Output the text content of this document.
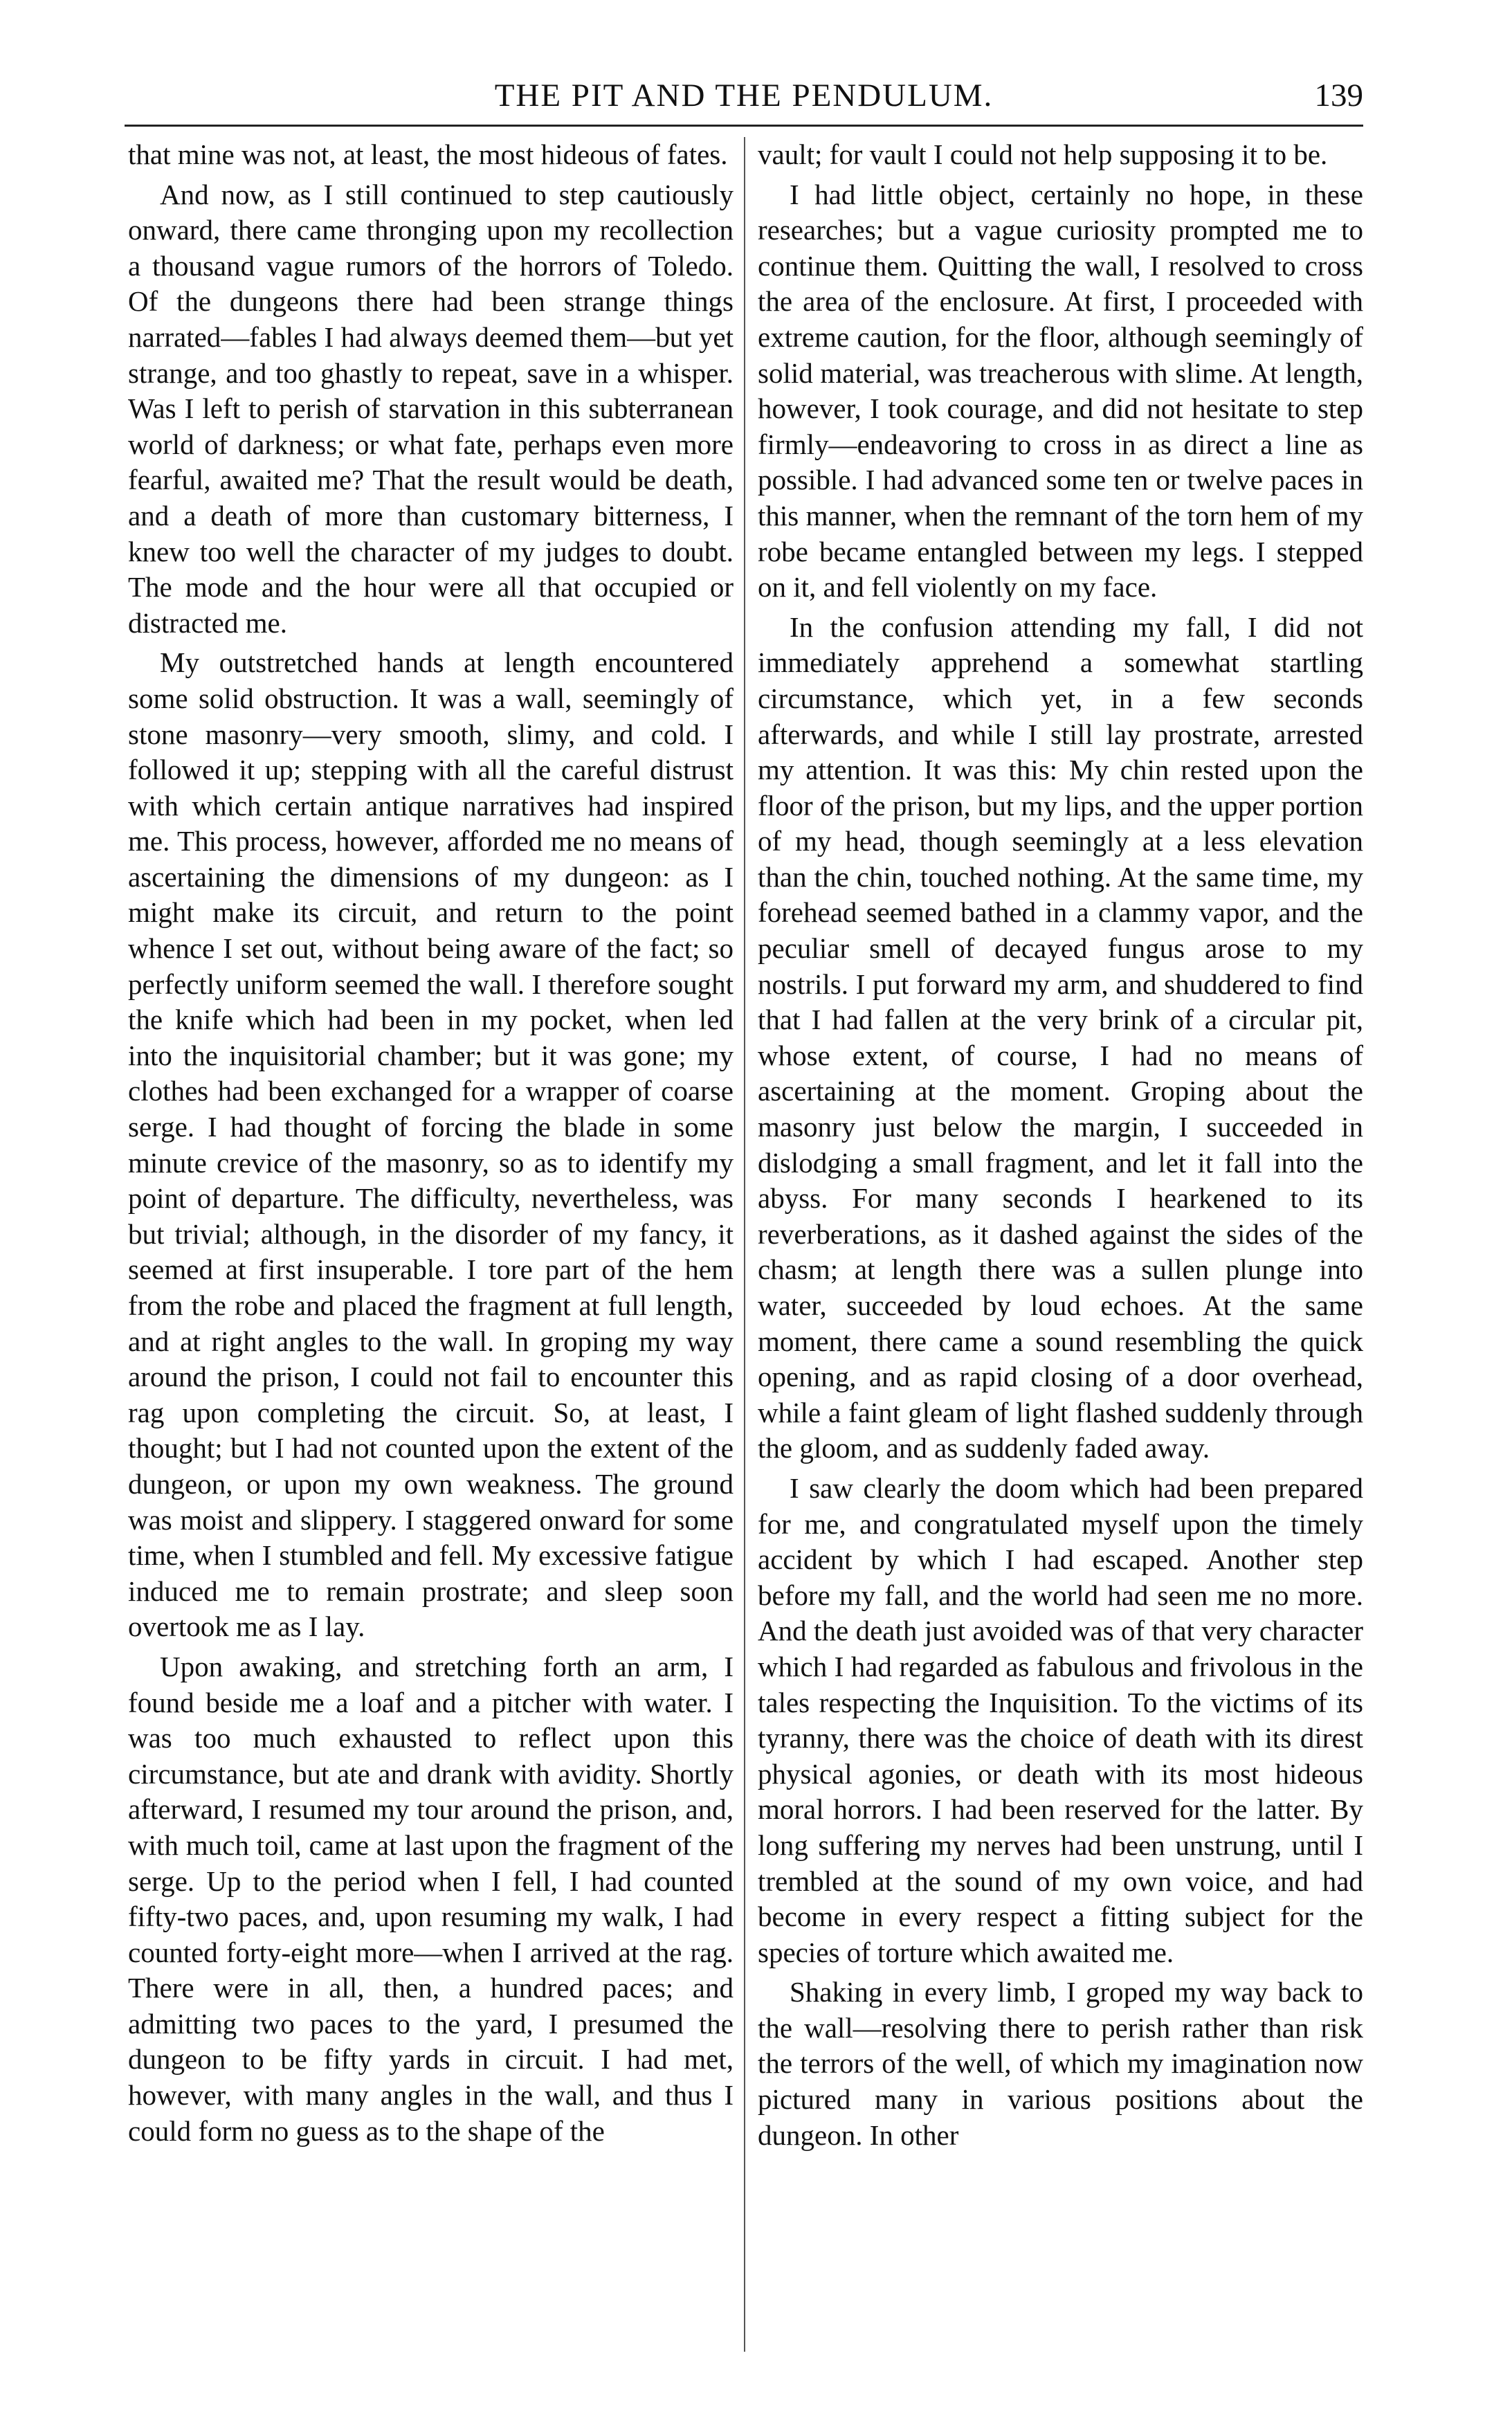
THE PIT AND THE PENDULUM.	139

that mine was not, at least, the most hideous of fates.

And now, as I still continued to step cautiously onward, there came thronging upon my recollection a thousand vague rumors of the horrors of Toledo. Of the dungeons there had been strange things narrated—fables I had always deemed them—but yet strange, and too ghastly to repeat, save in a whisper. Was I left to perish of starvation in this subterranean world of darkness; or what fate, perhaps even more fearful, awaited me? That the result would be death, and a death of more than customary bitterness, I knew too well the character of my judges to doubt. The mode and the hour were all that occupied or distracted me.

My outstretched hands at length encountered some solid obstruction. It was a wall, seemingly of stone masonry—very smooth, slimy, and cold. I followed it up; stepping with all the careful distrust with which certain antique narratives had inspired me. This process, however, afforded me no means of ascertaining the dimensions of my dungeon: as I might make its circuit, and return to the point whence I set out, without being aware of the fact; so perfectly uniform seemed the wall. I therefore sought the knife which had been in my pocket, when led into the inquisitorial chamber; but it was gone; my clothes had been exchanged for a wrapper of coarse serge. I had thought of forcing the blade in some minute crevice of the masonry, so as to identify my point of departure. The difficulty, nevertheless, was but trivial; although, in the disorder of my fancy, it seemed at first insuperable. I tore part of the hem from the robe and placed the fragment at full length, and at right angles to the wall. In groping my way around the prison, I could not fail to encounter this rag upon completing the circuit. So, at least, I thought; but I had not counted upon the extent of the dungeon, or upon my own weakness. The ground was moist and slippery. I staggered onward for some time, when I stumbled and fell. My excessive fatigue induced me to remain prostrate; and sleep soon overtook me as I lay.

Upon awaking, and stretching forth an arm, I found beside me a loaf and a pitcher with water. I was too much exhausted to reflect upon this circumstance, but ate and drank with avidity. Shortly afterward, I resumed my tour around the prison, and, with much toil, came at last upon the fragment of the serge. Up to the period when I fell, I had counted fifty-two paces, and, upon resuming my walk, I had counted forty-eight more—when I arrived at the rag. There were in all, then, a hundred paces; and admitting two paces to the yard, I presumed the dungeon to be fifty yards in circuit. I had met, however, with many angles in the wall, and thus I could form no guess as to the shape of the

vault; for vault I could not help supposing it to be.

I had little object, certainly no hope, in these researches; but a vague curiosity prompted me to continue them. Quitting the wall, I resolved to cross the area of the enclosure. At first, I proceeded with extreme caution, for the floor, although seemingly of solid material, was treacherous with slime. At length, however, I took courage, and did not hesitate to step firmly—endeavoring to cross in as direct a line as possible. I had advanced some ten or twelve paces in this manner, when the remnant of the torn hem of my robe became entangled between my legs. I stepped on it, and fell violently on my face.

In the confusion attending my fall, I did not immediately apprehend a somewhat startling circumstance, which yet, in a few seconds afterwards, and while I still lay prostrate, arrested my attention. It was this: My chin rested upon the floor of the prison, but my lips, and the upper portion of my head, though seemingly at a less elevation than the chin, touched nothing. At the same time, my forehead seemed bathed in a clammy vapor, and the peculiar smell of decayed fungus arose to my nostrils. I put forward my arm, and shuddered to find that I had fallen at the very brink of a circular pit, whose extent, of course, I had no means of ascertaining at the moment. Groping about the masonry just below the margin, I succeeded in dislodging a small fragment, and let it fall into the abyss. For many seconds I hearkened to its reverberations, as it dashed against the sides of the chasm; at length there was a sullen plunge into water, succeeded by loud echoes. At the same moment, there came a sound resembling the quick opening, and as rapid closing of a door overhead, while a faint gleam of light flashed suddenly through the gloom, and as suddenly faded away.

I saw clearly the doom which had been prepared for me, and congratulated myself upon the timely accident by which I had escaped. Another step before my fall, and the world had seen me no more. And the death just avoided was of that very character which I had regarded as fabulous and frivolous in the tales respecting the Inquisition. To the victims of its tyranny, there was the choice of death with its direst physical agonies, or death with its most hideous moral horrors. I had been reserved for the latter. By long suffering my nerves had been unstrung, until I trembled at the sound of my own voice, and had become in every respect a fitting subject for the species of torture which awaited me.

Shaking in every limb, I groped my way back to the wall—resolving there to perish rather than risk the terrors of the well, of which my imagination now pictured many in various positions about the dungeon. In other
